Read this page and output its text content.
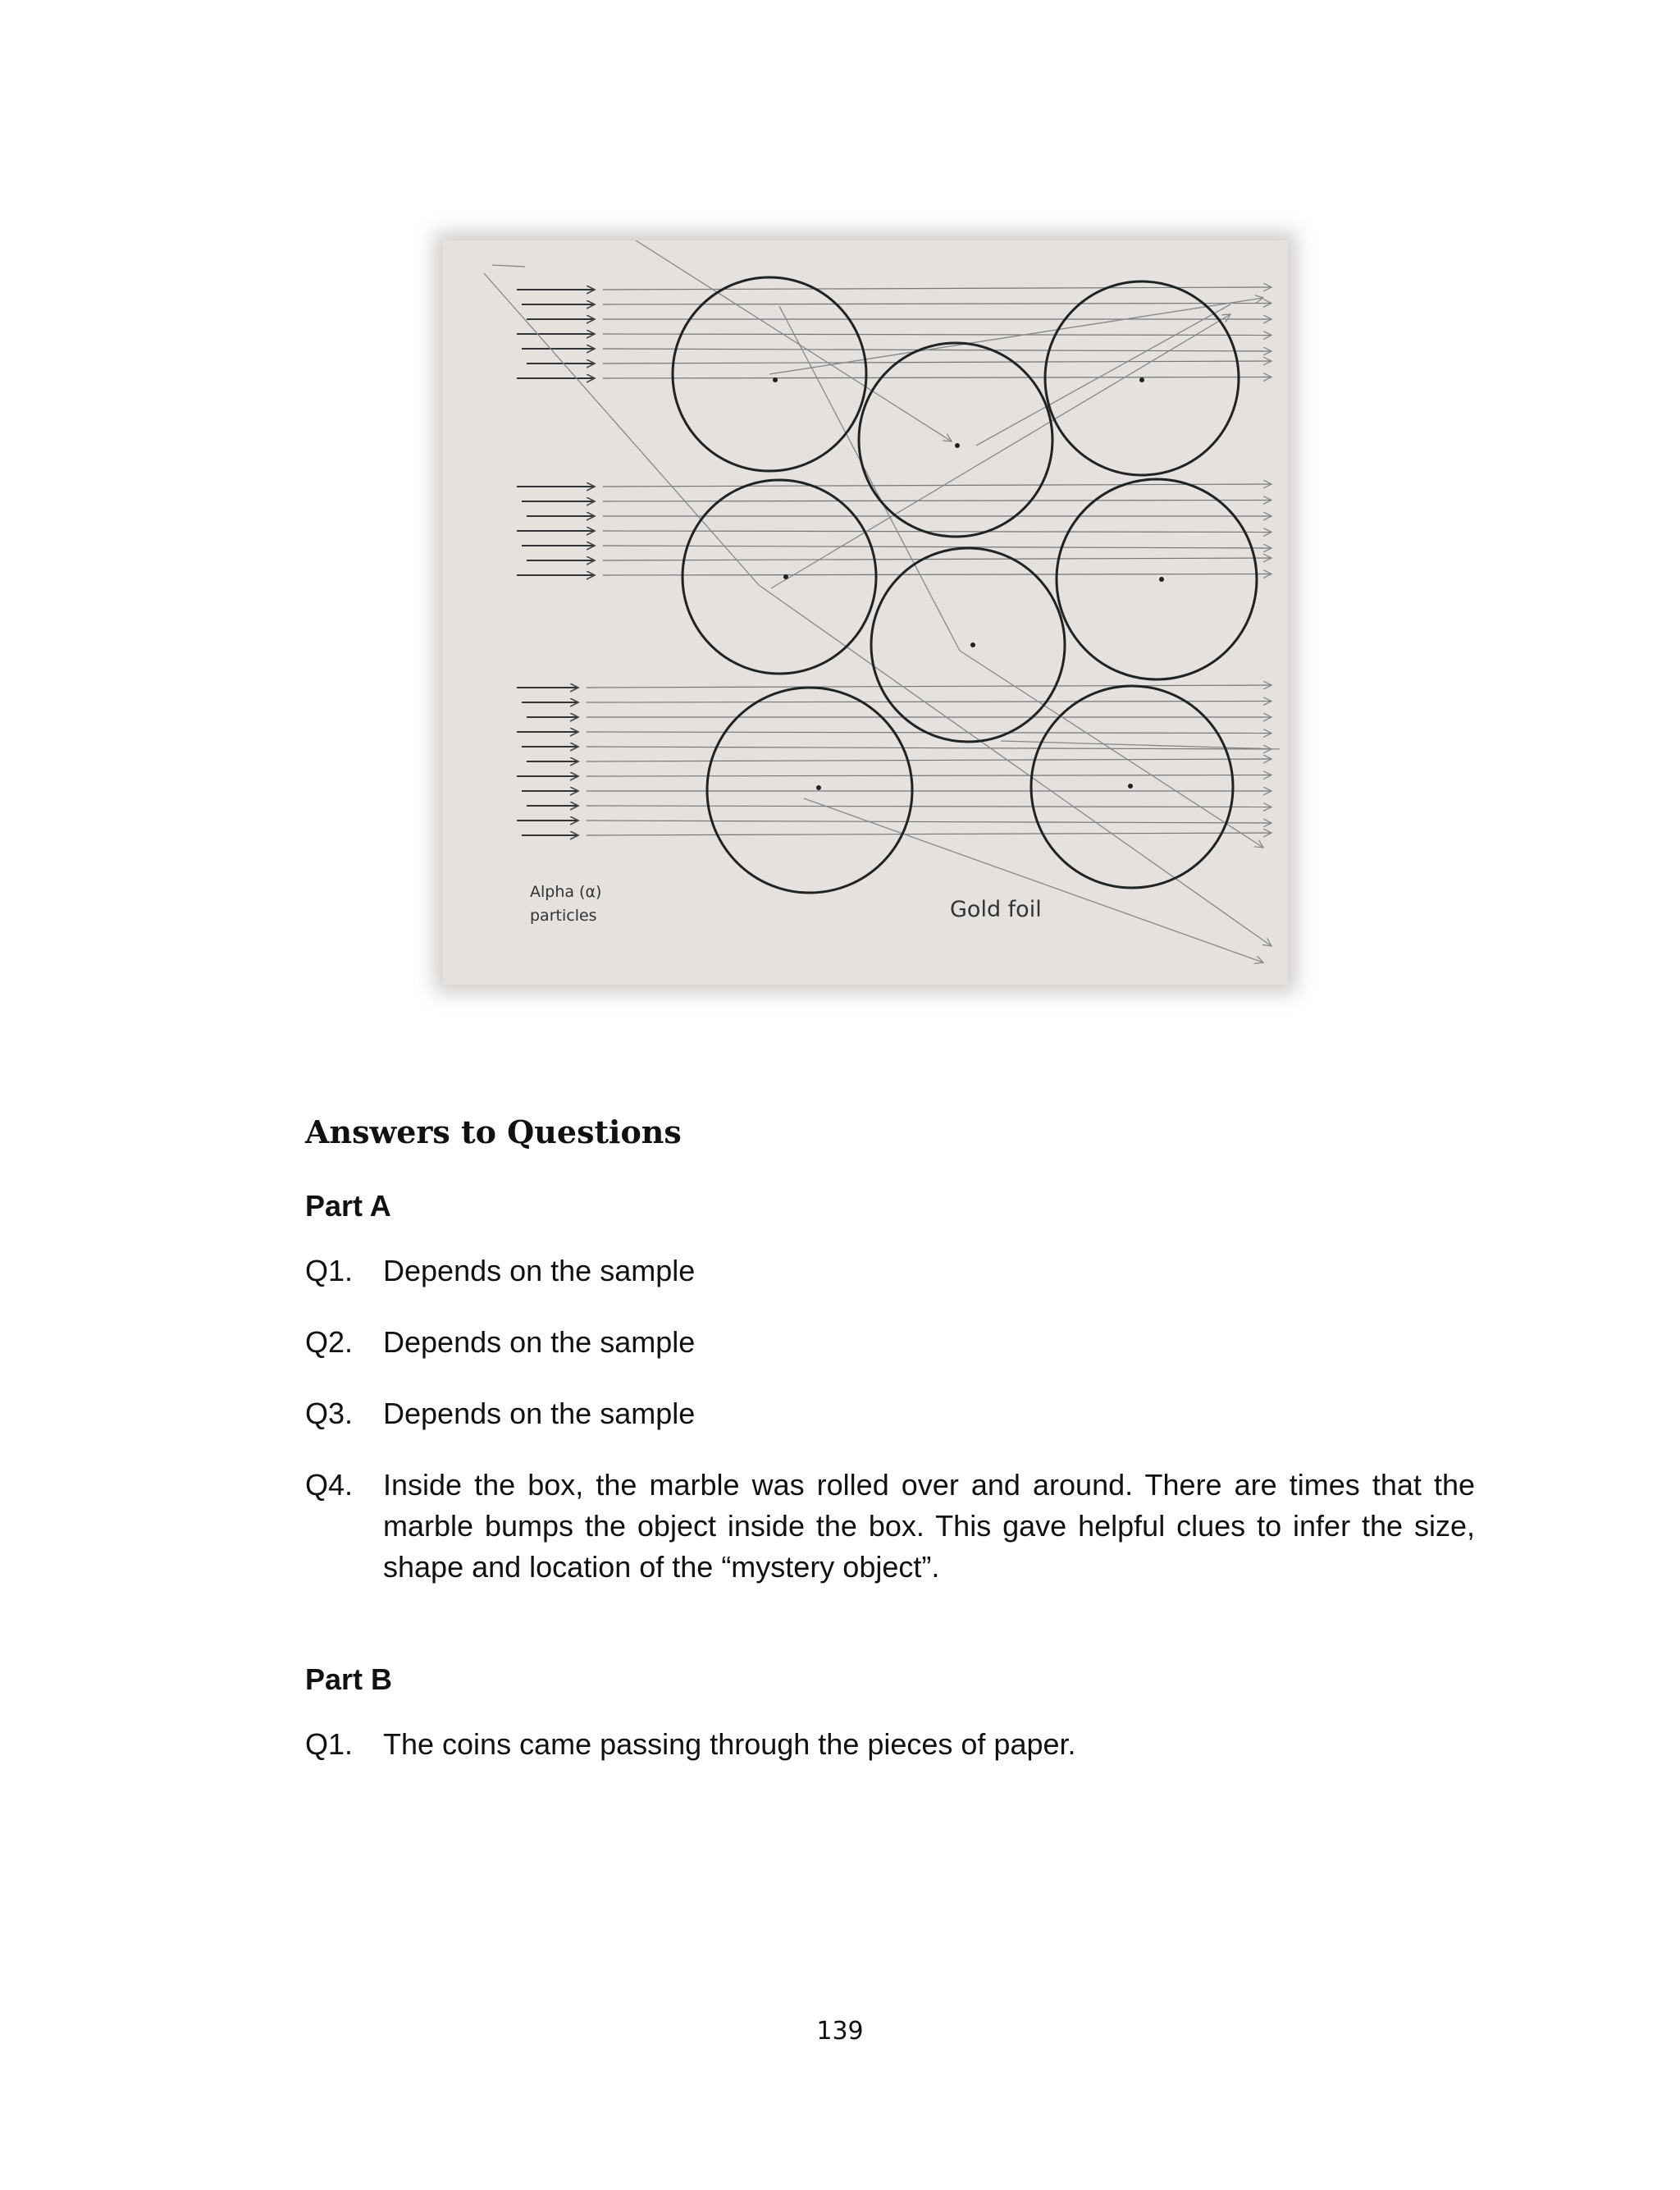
Alpha (α)
particles	Gold foil
Answers to Questions
Part A
Q1. Depends on the sample
Q2. Depends on the sample
Q3. Depends on the sample
Q4. Inside the box, the marble was rolled over and around. There are times that the marble bumps the object inside the box. This gave helpful clues to infer the size, shape and location of the “mystery object”.
Part B
Q1. The coins came passing through the pieces of paper.
139
